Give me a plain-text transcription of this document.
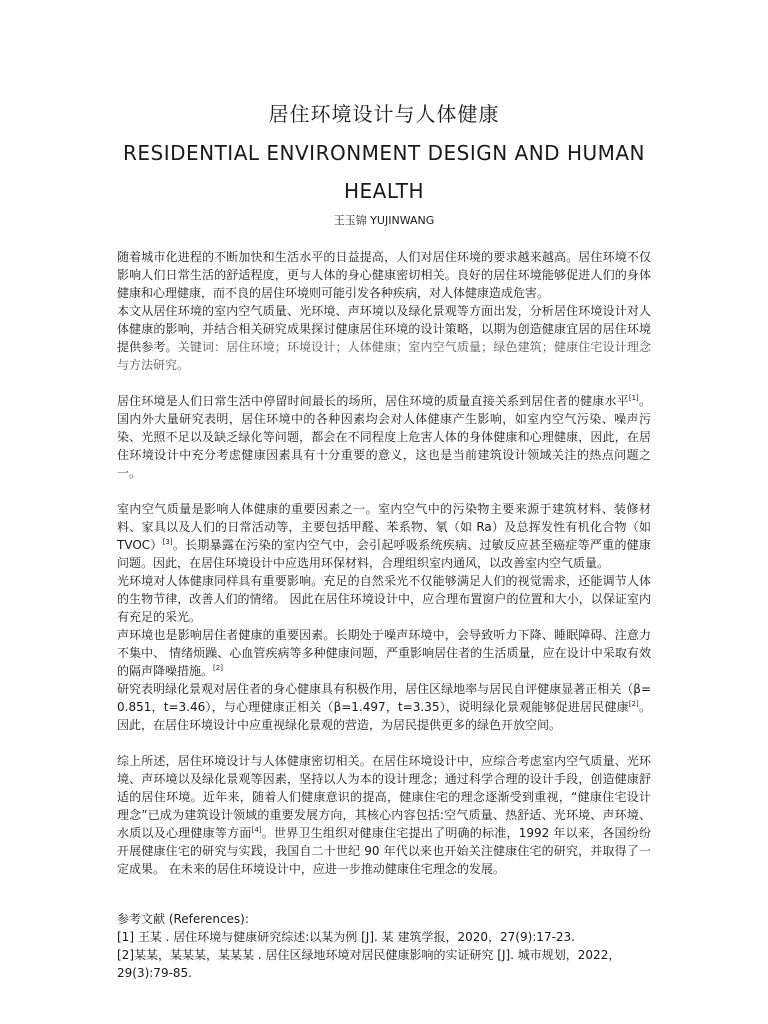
居住环境设计与人体健康
RESIDENTIAL ENVIRONMENT DESIGN AND HUMAN HEALTH
王玉锦 YUJINWANG

随着城市化进程的不断加快和生活水平的日益提高，人们对居住环境的要求越来越高。居住环境不仅影响人们日常生活的舒适程度，更与人体的身心健康密切相关。良好的居住环境能够促进人们的身体健康和心理健康，而不良的居住环境则可能引发各种疾病，对人体健康造成危害。

本文从居住环境的室内空气质量、光环境、声环境以及绿化景观等方面出发，分析居住环境设计对人体健康的影响，并结合相关研究成果探讨健康居住环境的设计策略，以期为创造健康宜居的居住环境提供参考。关键词：居住环境；环境设计；人体健康；室内空气质量；绿色建筑；健康住宅设计理念与方法研究。

居住环境是人们日常生活中停留时间最长的场所，居住环境的质量直接关系到居住者的健康水平[1]。国内外大量研究表明，居住环境中的各种因素均会对人体健康产生影响，如室内空气污染、噪声污染、光照不足以及缺乏绿化等问题，都会在不同程度上危害人体的身体健康和心理健康，因此，在居住环境设计中充分考虑健康因素具有十分重要的意义，这也是当前建筑设计领域关注的热点问题之一。

室内空气质量是影响人体健康的重要因素之一。室内空气中的污染物主要来源于建筑材料、装修材料、家具以及人们的日常活动等，主要包括甲醛、苯系物、氡（如 Ra）及总挥发性有机化合物（如 TVOC）[3]。长期暴露在污染的室内空气中，会引起呼吸系统疾病、过敏反应甚至癌症等严重的健康问题。因此，在居住环境设计中应选用环保材料，合理组织室内通风，以改善室内空气质量。

光环境对人体健康同样具有重要影响。充足的自然采光不仅能够满足人们的视觉需求，还能调节人体的生物节律，改善人们的情绪。 因此在居住环境设计中，应合理布置窗户的位置和大小，以保证室内有充足的采光。

声环境也是影响居住者健康的重要因素。长期处于噪声环境中，会导致听力下降、睡眠障碍、注意力不集中、 情绪烦躁、心血管疾病等多种健康问题，严重影响居住者的生活质量，应在设计中采取有效的隔声降噪措施。[2]

研究表明绿化景观对居住者的身心健康具有积极作用，居住区绿地率与居民自评健康显著正相关（β=0.851，t=3.46），与心理健康正相关（β=1.497，t=3.35），说明绿化景观能够促进居民健康[2]。因此，在居住环境设计中应重视绿化景观的营造，为居民提供更多的绿色开放空间。

综上所述，居住环境设计与人体健康密切相关。在居住环境设计中，应综合考虑室内空气质量、光环境、声环境以及绿化景观等因素，坚持以人为本的设计理念；通过科学合理的设计手段，创造健康舒适的居住环境。近年来，随着人们健康意识的提高，健康住宅的理念逐渐受到重视，“健康住宅设计理念”已成为建筑设计领域的重要发展方向，其核心内容包括:空气质量、热舒适、光环境、声环境、水质以及心理健康等方面[4]。世界卫生组织对健康住宅提出了明确的标准，1992 年以来，各国纷纷开展健康住宅的研究与实践，我国自二十世纪 90 年代以来也开始关注健康住宅的研究，并取得了一定成果。 在未来的居住环境设计中，应进一步推动健康住宅理念的发展。

参考文献 (References):

[1] 王某 . 居住环境与健康研究综述:以某为例 [J]. 某 建筑学报，2020，27(9):17-23.

[2]某某，某某某，某某某 . 居住区绿地环境对居民健康影响的实证研究 [J]. 城市规划，2022，29(3):79-85.
